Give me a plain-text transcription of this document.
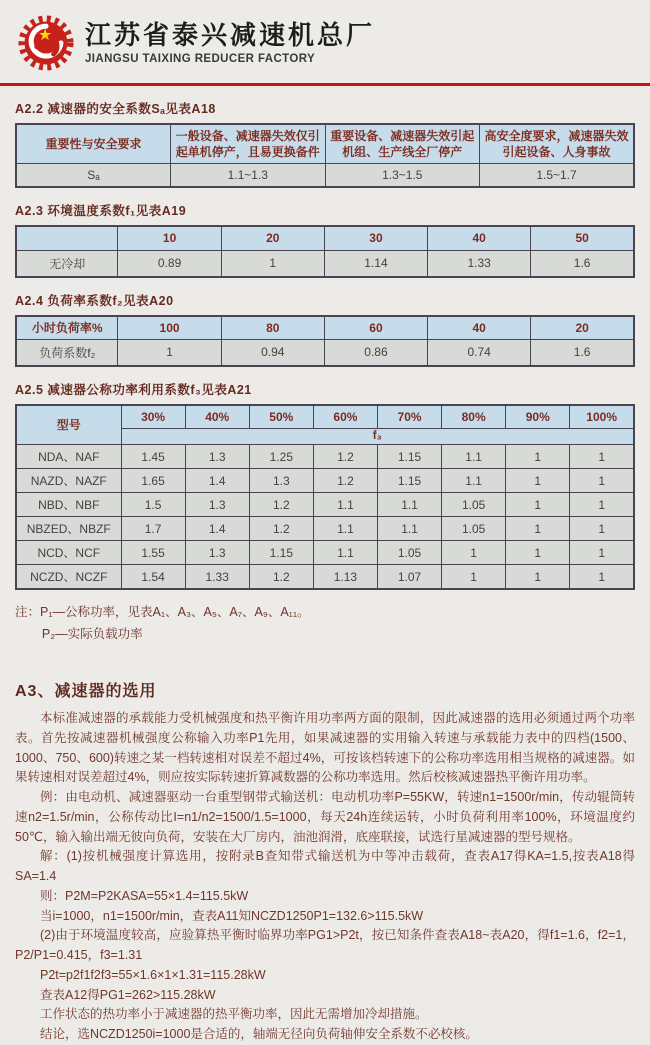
★ 江苏省泰兴减速机总厂
JIANGSU TAIXING REDUCER FACTORY
A2.2 减速器的安全系数Sₐ见表A18
重要性与安全要求	一般设备、减速器失效仅引起单机停产，且易更换备件	重要设备、减速器失效引起机组、生产线全厂停产	高安全度要求，减速器失效引起设备、人身事故
Sₐ	1.1~1.3	1.3~1.5	1.5~1.7
A2.3 环境温度系数f₁见表A19
	10	20	30	40	50
无冷却	0.89	1	1.14	1.33	1.6
A2.4 负荷率系数f₂见表A20
小时负荷率%	100	80	60	40	20
负荷系数f₂	1	0.94	0.86	0.74	1.6
A2.5 减速器公称功率利用系数f₃见表A21
型号	30%	40%	50%	60%	70%	80%	90%	100%
	f₃							
NDA、NAF	1.45	1.3	1.25	1.2	1.15	1.1	1	1
NAZD、NAZF	1.65	1.4	1.3	1.2	1.15	1.1	1	1
NBD、NBF	1.5	1.3	1.2	1.1	1.1	1.05	1	1
NBZED、NBZF	1.7	1.4	1.2	1.1	1.1	1.05	1	1
NCD、NCF	1.55	1.3	1.15	1.1	1.05	1	1	1
NCZD、NCZF	1.54	1.33	1.2	1.13	1.07	1	1	1
注：P₁—公称功率，见表A₁、A₃、A₅、A₇、A₉、A₁₁。
P₂—实际负载功率
A3、减速器的选用

本标准减速器的承载能力受机械强度和热平衡许用功率两方面的限制，因此减速器的选用必须通过两个功率表。首先按减速器机械强度公称输入功率P1先用，如果减速器的实用输入转速与承载能力表中的四档(1500、1000、750、600)转速之某一档转速相对误差不超过4%，可按该档转速下的公称功率选用相当规格的减速器。如果转速相对误差超过4%，则应按实际转速折算减数器的公称功率选用。然后校核减速器热平衡许用功率。

例：由电动机、减速器驱动一台重型钢带式输送机：电动机功率P=55KW，转速n1=1500r/min，传动辊筒转速n2=1.5r/min，公称传动比I=n1/n2=1500/1.5=1000，每天24h连续运转，小时负荷利用率100%，环境温度约50℃，输入输出端无彼向负荷，安装在大厂房内，油池润滑，底座联接，试选行星减速器的型号规格。

解：(1)按机械强度计算选用，按附录B查知带式输送机为中等冲击载荷，查表A17得KA=1.5,按表A18得SA=1.4

则：P2M=P2KASA=55×1.4=115.5kW

当i=1000，n1=1500r/min，查表A11知NCZD1250P1=132.6>115.5kW

(2)由于环境温度较高，应验算热平衡时临界功率PG1>P2t，按已知条件查表A18~表A20，得f1=1.6，f2=1，P2/P1=0.415，f3=1.31

P2t=p2f1f2f3=55×1.6×1×1.31=115.28kW

查表A12得PG1=262>115.28kW

工作状态的热功率小于减速器的热平衡功率，因此无需增加冷却措施。

结论，选NCZD1250i=1000是合适的，轴端无径向负荷轴伸安全系数不必校核。
